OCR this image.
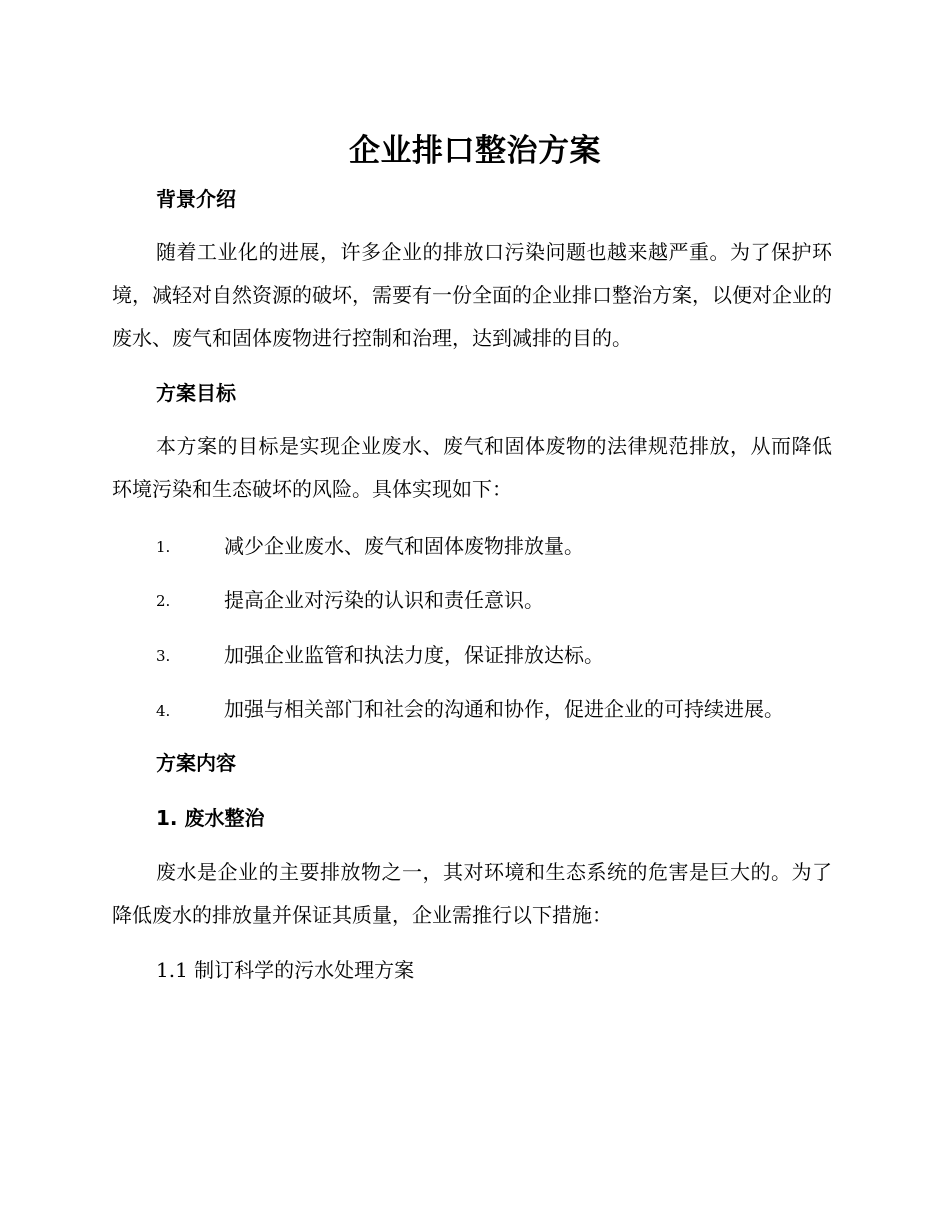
企业排口整治方案
背景介绍
随着工业化的进展，许多企业的排放口污染问题也越来越严重。为了保护环境，减轻对自然资源的破坏，需要有一份全面的企业排口整治方案，以便对企业的废水、废气和固体废物进行控制和治理，达到减排的目的。
方案目标
本方案的目标是实现企业废水、废气和固体废物的法律规范排放，从而降低环境污染和生态破坏的风险。具体实现如下：
1.	减少企业废水、废气和固体废物排放量。
2.	提高企业对污染的认识和责任意识。
3.	加强企业监管和执法力度，保证排放达标。
4.	加强与相关部门和社会的沟通和协作，促进企业的可持续进展。
方案内容
1. 废水整治
废水是企业的主要排放物之一，其对环境和生态系统的危害是巨大的。为了降低废水的排放量并保证其质量，企业需推行以下措施：
1.1 制订科学的污水处理方案
